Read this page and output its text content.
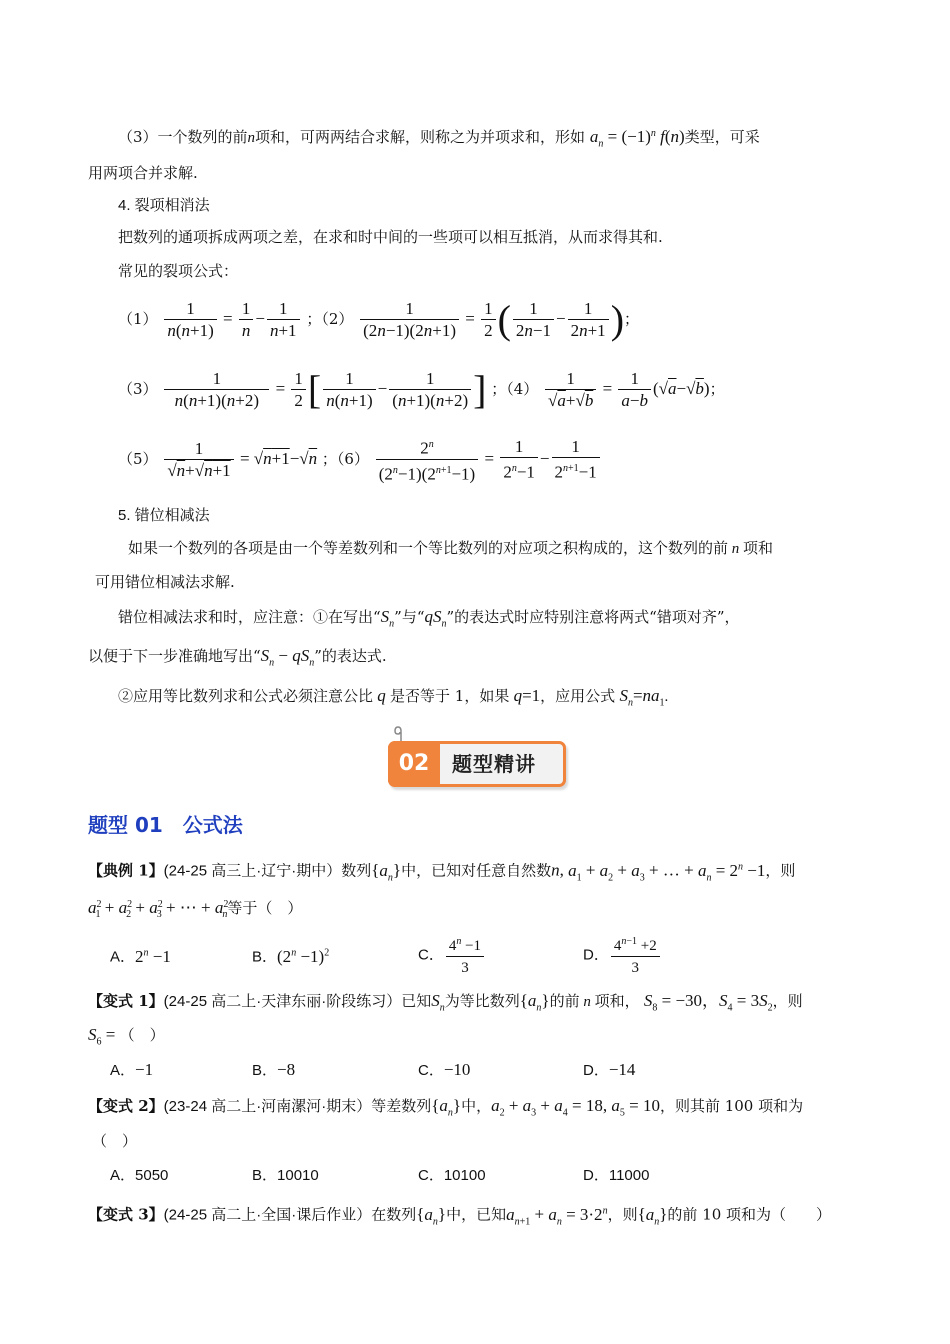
（3）一个数列的前n项和，可两两结合求解，则称之为并项求和，形如 $a_n = (-1)^n$ f(n)类型，可采
用两项合并求解.
4. 裂项相消法
把数列的通项拆成两项之差，在求和时中间的一些项可以相互抵消，从而求得其和.
常见的裂项公式：
$(1) \frac{1}{n(n+1)} = \frac{1}{n} - \frac{1}{n+1}$ ；$(2) \frac{1}{(2n-1)(2n+1)} = \frac{1}{2}$ ( $\frac{1}{2n-1} - \frac{1}{2n+1}$ )；
$(3) \frac{1}{n(n+1)(n+2)} = \frac{1}{2}$ [ $\frac{1}{n(n+1)} - \frac{1}{(n+1)(n+2)}$ ] ；$(4) \frac{1}{√a+√b} = \frac{1}{a-b} (√a-√b)$；
$(5) \frac{1}{√n+√n+1} = √n+1-√n$ ；$(6) \frac{2^n}{(2^n-1)(2^{n+1}-1)} = \frac{1}{2^n-1} - \frac{1}{2^{n+1}-1}$
5. 错位相减法
如果一个数列的各项是由一个等差数列和一个等比数列的对应项之积构成的，这个数列的前 n 项和
可用错位相减法求解.
错位相减法求和时，应注意：①在写出“$S_n$”与“$qS_n$”的表达式时应特别注意将两式“错项对齐”，
以便于下一步准确地写出“$S_n - qS_n$”的表达式.
②应用等比数列求和公式必须注意公比 q 是否等于 1，如果 q=1，应用公式 $S_n=na_1$.
02	题型精讲
题型 01　公式法
【典例 1】(24-25 高三上·辽宁·期中）数列$\{a_n\}$中，已知对任意自然数n, $a_1 + a_2 + a_3$ + … + $a_n = 2^n -1$，则
$a^2_1 + a^2_2 + a^2_3$ + ⋯ + $a^2_n$等于（　）
A．$2^n -1$	B．$(2^n -1)^2$	C． $\frac{4^n -1}{3}$	D． $\frac{4^{n-1} +2}{3}$
【变式 1】(24-25 高二上·天津东丽·阶段练习）已知$S_n$为等比数列$\{a_n\}$的前 n 项和， $S_8 = -30$，$S_4 = 3S_2$，则
$S_6$ = （　）
A．−1	B．−8	C．−10	D．−14
【变式 2】(23-24 高二上·河南漯河·期末）等差数列$\{a_n\}$中，$a_2 + a_3 + a_4 = 18$, $a_5 = 10$，则其前 100 项和为
（　）
A．5050	B．10010	C．10100	D．11000
【变式 3】(24-25 高二上·全国·课后作业）在数列$\{a_n\}$中，已知$a_{n+1} + a_n = 3\cdot 2^n$，则$\{a_n\}$的前 10 项和为（　　）
